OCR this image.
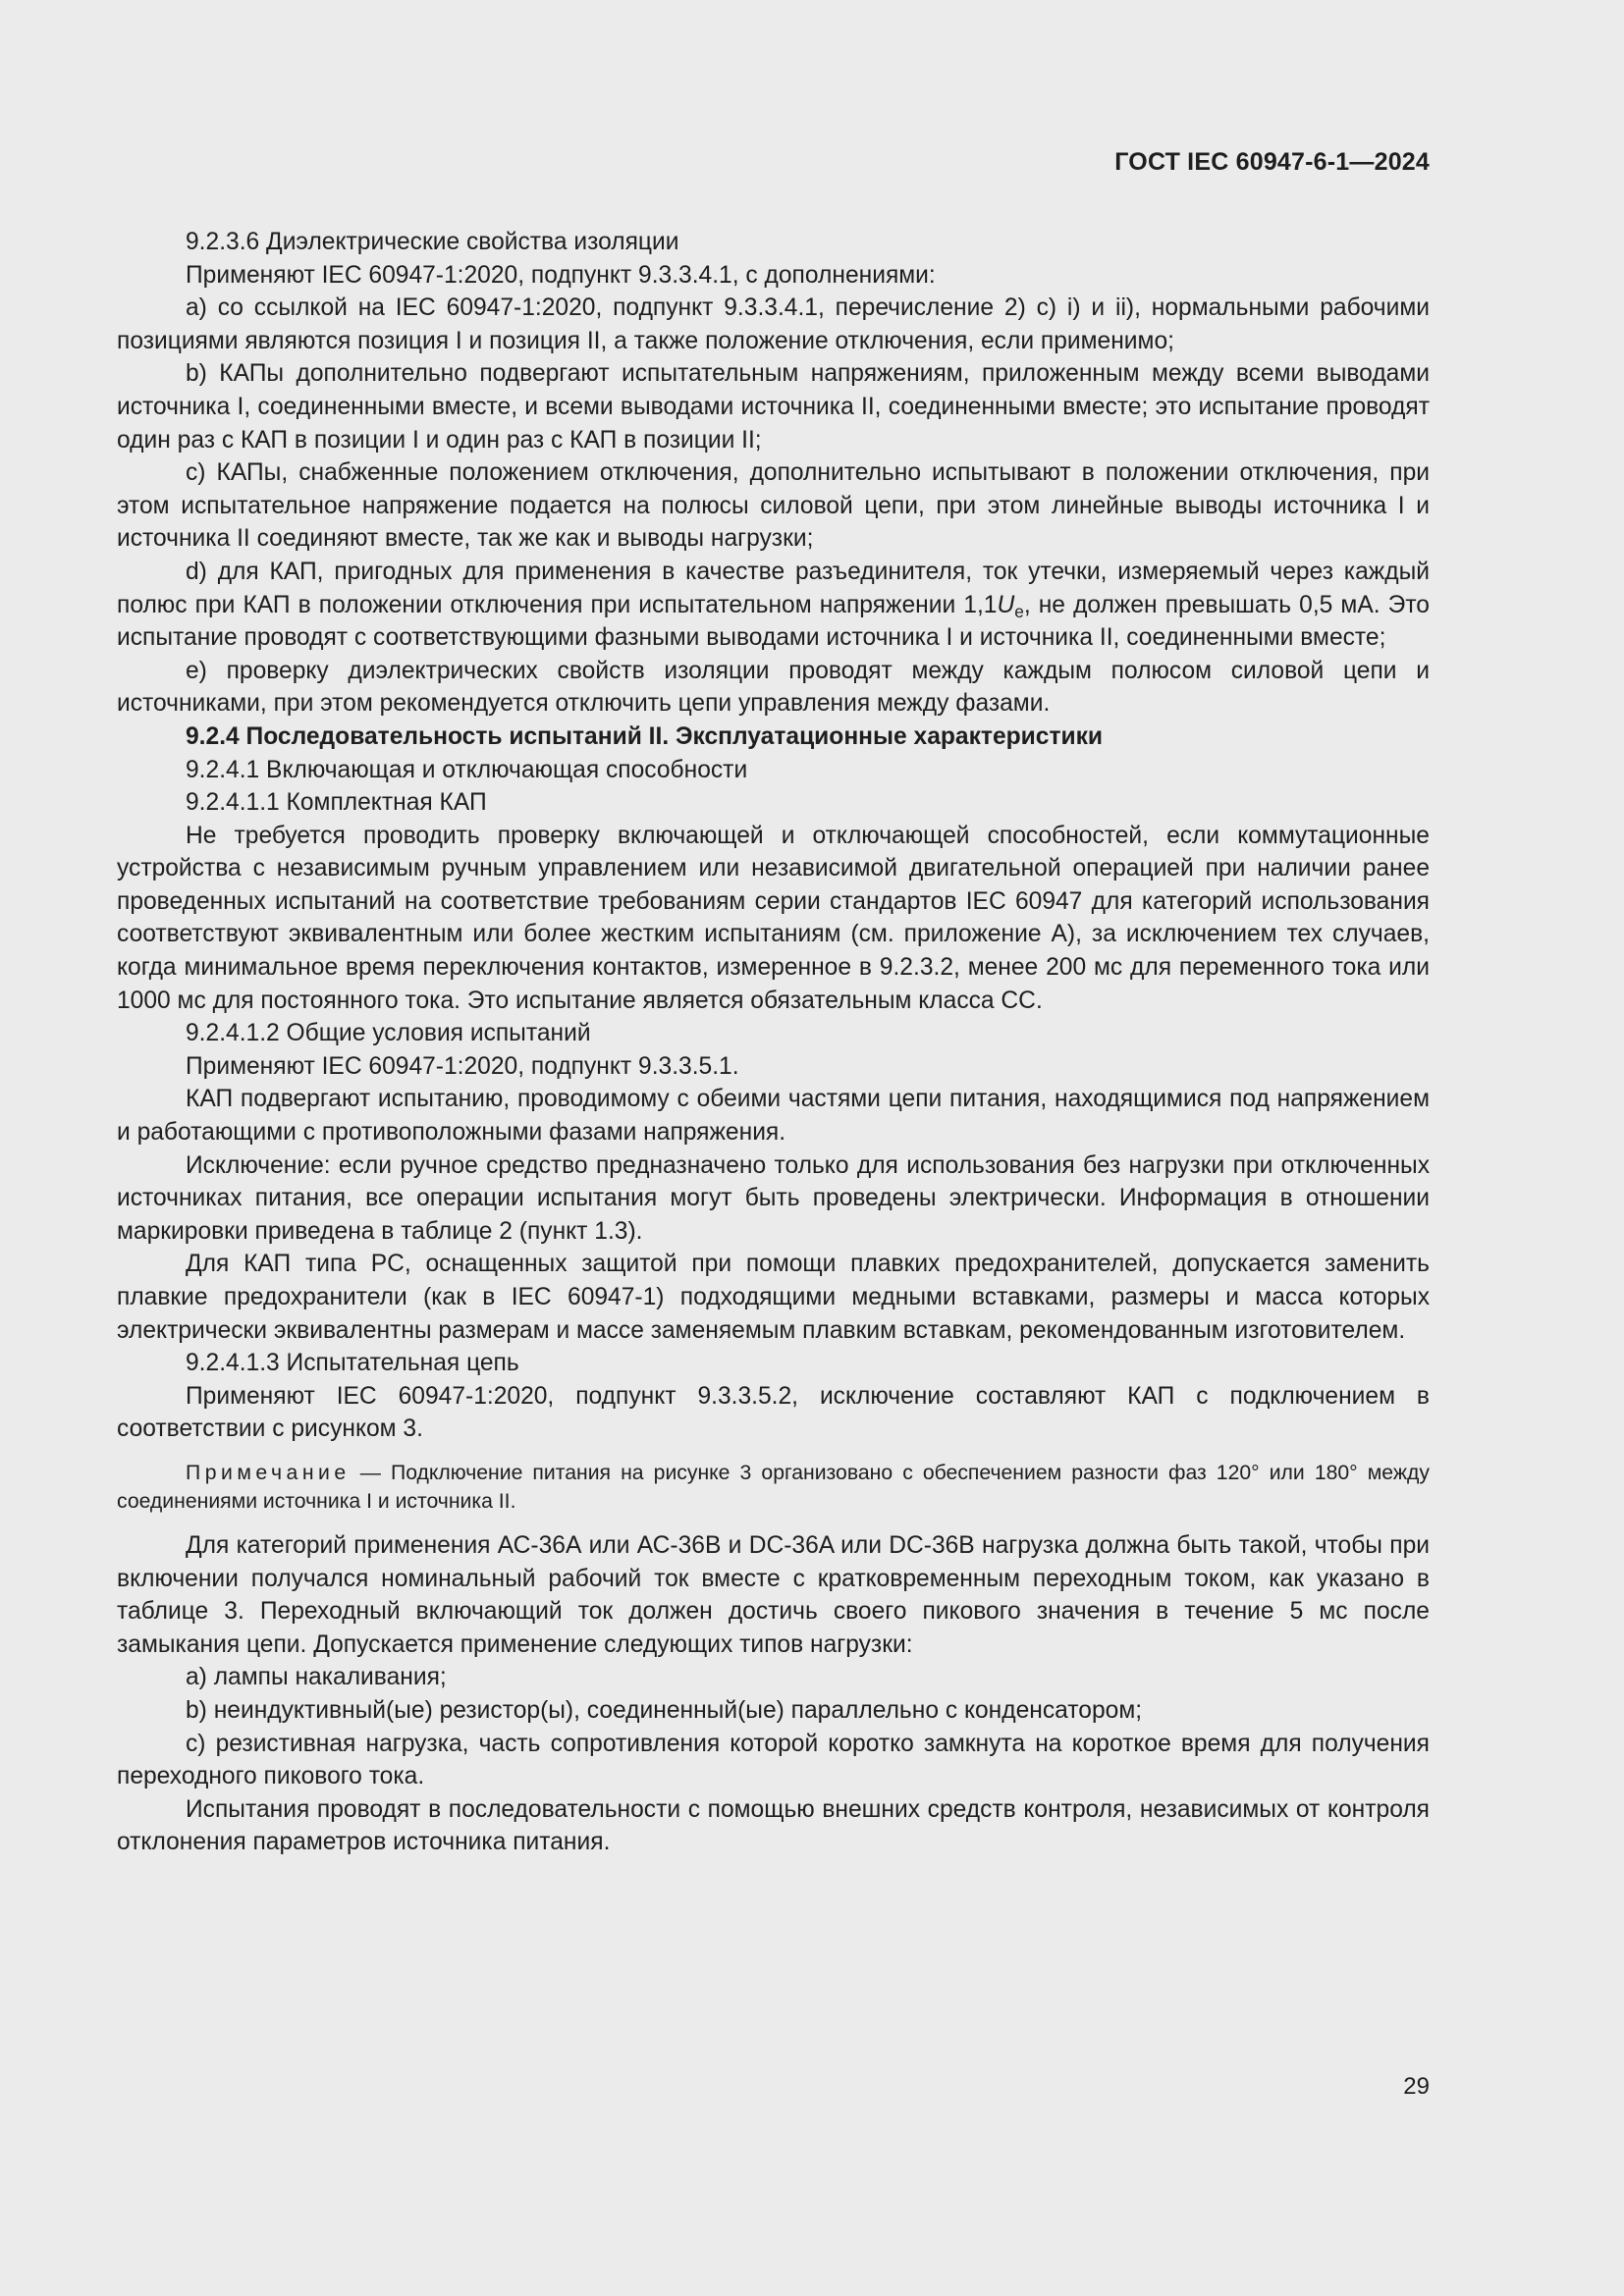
ГОСТ IEC 60947-6-1—2024

9.2.3.6 Диэлектрические свойства изоляции

Применяют IEC 60947-1:2020, подпункт 9.3.3.4.1, с дополнениями:

a) со ссылкой на IEC 60947-1:2020, подпункт 9.3.3.4.1, перечисление 2) с) i) и ii), нормальными рабочими позициями являются позиция I и позиция II, а также положение отключения, если применимо;

b) КАПы дополнительно подвергают испытательным напряжениям, приложенным между всеми выводами источника I, соединенными вместе, и всеми выводами источника II, соединенными вместе; это испытание проводят один раз с КАП в позиции I и один раз с КАП в позиции II;

c) КАПы, снабженные положением отключения, дополнительно испытывают в положении отключения, при этом испытательное напряжение подается на полюсы силовой цепи, при этом линейные выводы источника I и источника II соединяют вместе, так же как и выводы нагрузки;

d) для КАП, пригодных для применения в качестве разъединителя, ток утечки, измеряемый через каждый полюс при КАП в положении отключения при испытательном напряжении $1,1U_e$, не должен превышать 0,5 мА. Это испытание проводят с соответствующими фазными выводами источника I и источника II, соединенными вместе;

e) проверку диэлектрических свойств изоляции проводят между каждым полюсом силовой цепи и источниками, при этом рекомендуется отключить цепи управления между фазами.

9.2.4 Последовательность испытаний II. Эксплуатационные характеристики

9.2.4.1 Включающая и отключающая способности

9.2.4.1.1 Комплектная КАП

Не требуется проводить проверку включающей и отключающей способностей, если коммутационные устройства с независимым ручным управлением или независимой двигательной операцией при наличии ранее проведенных испытаний на соответствие требованиям серии стандартов IEC 60947 для категорий использования соответствуют эквивалентным или более жестким испытаниям (см. приложение А), за исключением тех случаев, когда минимальное время переключения контактов, измеренное в 9.2.3.2, менее 200 мс для переменного тока или 1000 мс для постоянного тока. Это испытание является обязательным класса СС.

9.2.4.1.2 Общие условия испытаний

Применяют IEC 60947-1:2020, подпункт 9.3.3.5.1.

КАП подвергают испытанию, проводимому с обеими частями цепи питания, находящимися под напряжением и работающими с противоположными фазами напряжения.

Исключение: если ручное средство предназначено только для использования без нагрузки при отключенных источниках питания, все операции испытания могут быть проведены электрически. Информация в отношении маркировки приведена в таблице 2 (пункт 1.3).

Для КАП типа PC, оснащенных защитой при помощи плавких предохранителей, допускается заменить плавкие предохранители (как в IEC 60947-1) подходящими медными вставками, размеры и масса которых электрически эквивалентны размерам и массе заменяемым плавким вставкам, рекомендованным изготовителем.

9.2.4.1.3 Испытательная цепь

Применяют IEC 60947-1:2020, подпункт 9.3.3.5.2, исключение составляют КАП с подключением в соответствии с рисунком 3.

Примечание — Подключение питания на рисунке 3 организовано с обеспечением разности фаз 120° или 180° между соединениями источника I и источника II.

Для категорий применения АС-36А или АС-36В и DC-36A или DC-36B нагрузка должна быть такой, чтобы при включении получался номинальный рабочий ток вместе с кратковременным переходным током, как указано в таблице 3. Переходный включающий ток должен достичь своего пикового значения в течение 5 мс после замыкания цепи. Допускается применение следующих типов нагрузки:

a) лампы накаливания;

b) неиндуктивный(ые) резистор(ы), соединенный(ые) параллельно с конденсатором;

c) резистивная нагрузка, часть сопротивления которой коротко замкнута на короткое время для получения переходного пикового тока.

Испытания проводят в последовательности с помощью внешних средств контроля, независимых от контроля отклонения параметров источника питания.

29
